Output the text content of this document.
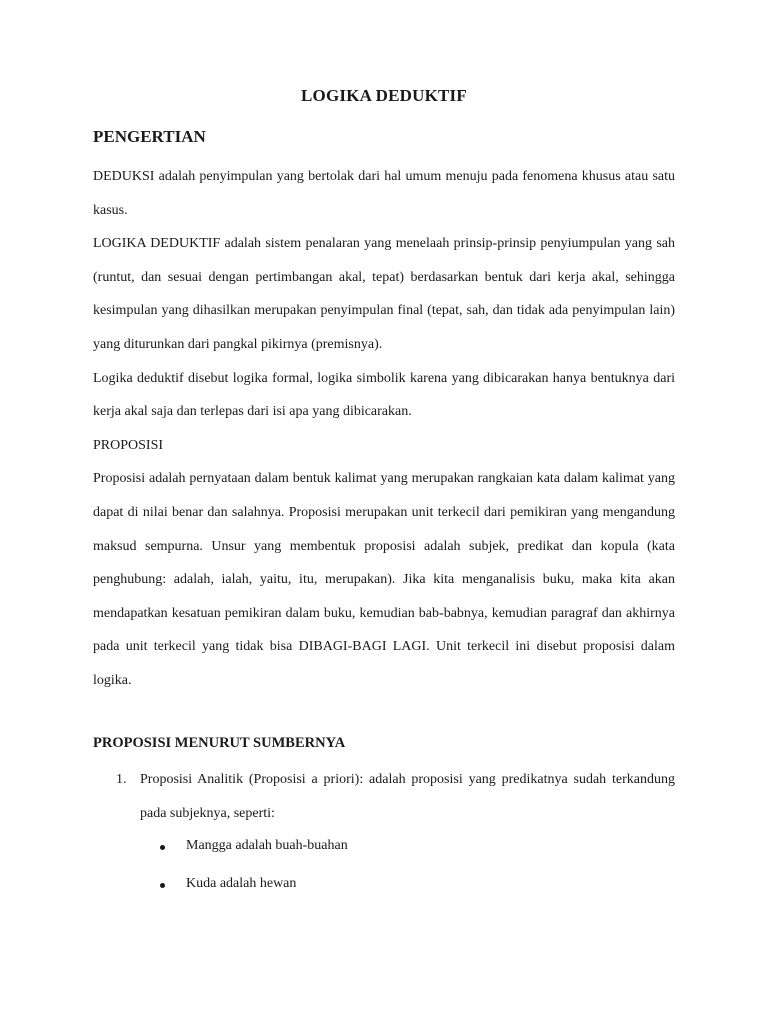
LOGIKA DEDUKTIF
PENGERTIAN

DEDUKSI adalah penyimpulan yang bertolak dari hal umum menuju pada fenomena khusus atau satu kasus.

LOGIKA DEDUKTIF adalah sistem penalaran yang menelaah prinsip-prinsip penyiumpulan yang sah (runtut, dan sesuai dengan pertimbangan akal, tepat) berdasarkan bentuk dari kerja akal, sehingga kesimpulan yang dihasilkan merupakan penyimpulan final (tepat, sah, dan tidak ada penyimpulan lain) yang diturunkan dari pangkal pikirnya (premisnya).

Logika deduktif disebut logika formal, logika simbolik karena yang dibicarakan hanya bentuknya dari kerja akal saja dan terlepas dari isi apa yang dibicarakan.

PROPOSISI

Proposisi adalah pernyataan dalam bentuk kalimat yang merupakan rangkaian kata dalam kalimat yang dapat di nilai benar dan salahnya. Proposisi merupakan unit terkecil dari pemikiran yang mengandung maksud sempurna. Unsur yang membentuk proposisi adalah subjek, predikat dan kopula (kata penghubung: adalah, ialah, yaitu, itu, merupakan). Jika kita menganalisis buku, maka kita akan mendapatkan kesatuan pemikiran dalam buku, kemudian bab-babnya, kemudian paragraf dan akhirnya pada unit terkecil yang tidak bisa DIBAGI-BAGI LAGI. Unit terkecil ini disebut proposisi dalam logika.

PROPOSISI MENURUT SUMBERNYA
1. Proposisi Analitik (Proposisi a priori): adalah proposisi yang predikatnya sudah terkandung pada subjeknya, seperti:
Mangga adalah buah-buahan
Kuda adalah hewan
